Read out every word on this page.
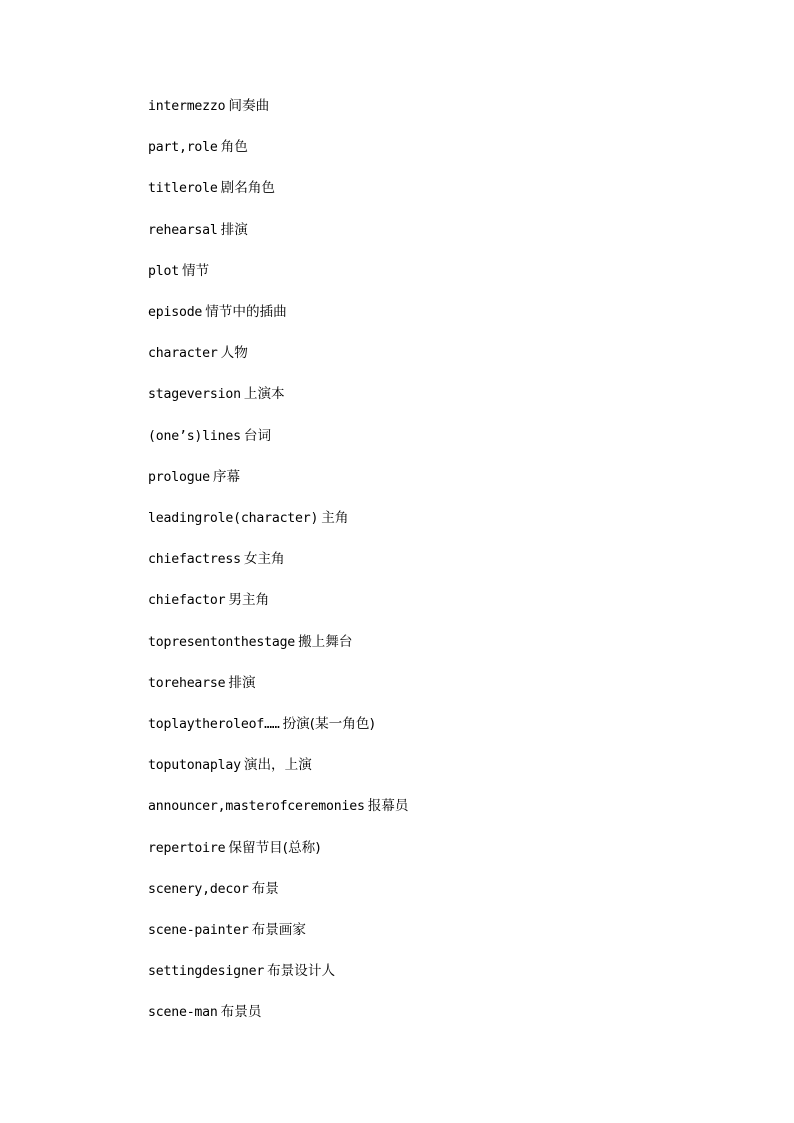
intermezzo 间奏曲
part,role 角色
titlerole 剧名角色
rehearsal 排演
plot 情节
episode 情节中的插曲
character 人物
stageversion 上演本
(one’s)lines 台词
prologue 序幕
leadingrole(character) 主角
chiefactress 女主角
chiefactor 男主角
topresentonthestage 搬上舞台
torehearse 排演
toplaytheroleof…… 扮演(某一角色)
toputonaplay 演出，上演
announcer,masterofceremonies 报幕员
repertoire 保留节目(总称)
scenery,decor 布景
scene-painter 布景画家
settingdesigner 布景设计人
scene-man 布景员
